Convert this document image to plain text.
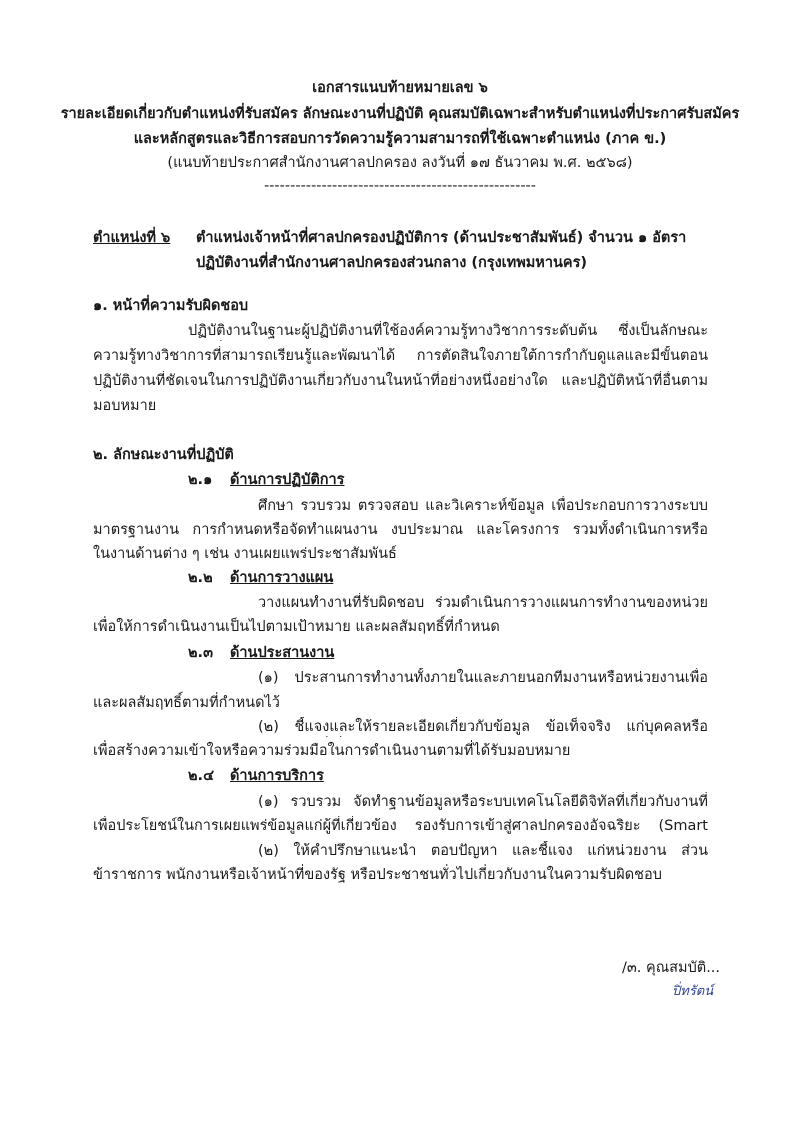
เอกสารแนบท้ายหมายเลข ๖
รายละเอียดเกี่ยวกับตำแหน่งที่รับสมัคร ลักษณะงานที่ปฏิบัติ คุณสมบัติเฉพาะสำหรับตำแหน่งที่ประกาศรับสมัคร
และหลักสูตรและวิธีการสอบการวัดความรู้ความสามารถที่ใช้เฉพาะตำแหน่ง (ภาค ข.)
(แนบท้ายประกาศสำนักงานศาลปกครอง ลงวันที่ ๑๗ ธันวาคม พ.ศ. ๒๕๖๘)
----------------------------------------------------
ตำแหน่งที่ ๖ ตำแหน่งเจ้าหน้าที่ศาลปกครองปฏิบัติการ (ด้านประชาสัมพันธ์) จำนวน ๑ อัตรา
ปฏิบัติงานที่สำนักงานศาลปกครองส่วนกลาง (กรุงเทพมหานคร)
๑. หน้าที่ความรับผิดชอบ
ปฏิบัติงานในฐานะผู้ปฏิบัติงานที่ใช้องค์ความรู้ทางวิชาการระดับต้น ซึ่งเป็นลักษณะ
ความรู้ทางวิชาการที่สามารถเรียนรู้และพัฒนาได้ การตัดสินใจภายใต้การกำกับดูแลและมีขั้นตอน
ปฏิบัติงานที่ชัดเจนในการปฏิบัติงานเกี่ยวกับงานในหน้าที่อย่างหนึ่งอย่างใด และปฏิบัติหน้าที่อื่นตาม
มอบหมาย
๒. ลักษณะงานที่ปฏิบัติ
๒.๑ ด้านการปฏิบัติการ
ศึกษา รวบรวม ตรวจสอบ และวิเคราะห์ข้อมูล เพื่อประกอบการวางระบบ
มาตรฐานงาน การกำหนดหรือจัดทำแผนงาน งบประมาณ และโครงการ รวมทั้งดำเนินการหรือ
ในงานด้านต่าง ๆ เช่น งานเผยแพร่ประชาสัมพันธ์
๒.๒ ด้านการวางแผน
วางแผนทำงานที่รับผิดชอบ ร่วมดำเนินการวางแผนการทำงานของหน่วย
เพื่อให้การดำเนินงานเป็นไปตามเป้าหมาย และผลสัมฤทธิ์ที่กำหนด
๒.๓ ด้านประสานงาน
(๑) ประสานการทำงานทั้งภายในและภายนอกทีมงานหรือหน่วยงานเพื่อ
และผลสัมฤทธิ์ตามที่กำหนดไว้
(๒) ชี้แจงและให้รายละเอียดเกี่ยวกับข้อมูล ข้อเท็จจริง แก่บุคคลหรือ
เพื่อสร้างความเข้าใจหรือความร่วมมือในการดำเนินงานตามที่ได้รับมอบหมาย
๒.๔ ด้านการบริการ
(๑) รวบรวม จัดทำฐานข้อมูลหรือระบบเทคโนโลยีดิจิทัลที่เกี่ยวกับงานที่
เพื่อประโยชน์ในการเผยแพร่ข้อมูลแก่ผู้ที่เกี่ยวข้อง รองรับการเข้าสู่ศาลปกครองอัจฉริยะ (Smart
(๒) ให้คำปรึกษาแนะนำ ตอบปัญหา และชี้แจง แก่หน่วยงาน ส่วน
ข้าราชการ พนักงานหรือเจ้าหน้าที่ของรัฐ หรือประชาชนทั่วไปเกี่ยวกับงานในความรับผิดชอบ
/๓. คุณสมบัติ...
ปิ่ทรัตน์
